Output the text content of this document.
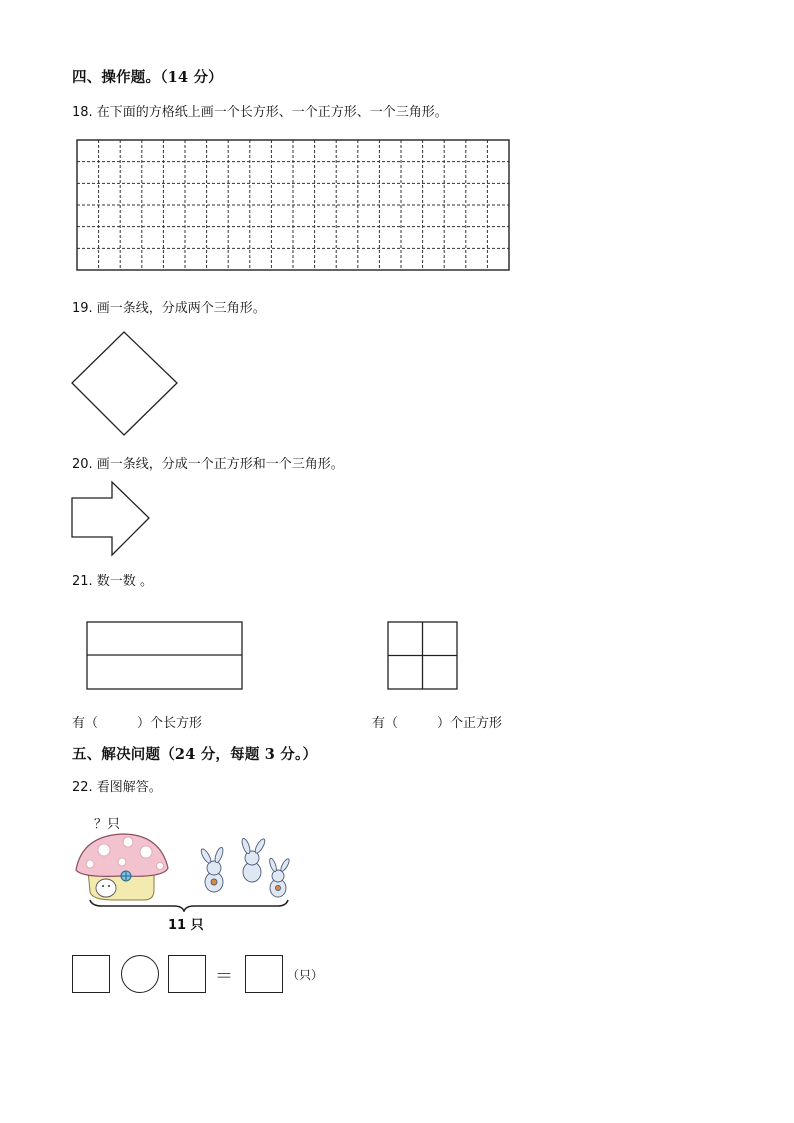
四、操作题。（14 分）
18. 在下面的方格纸上画一个长方形、一个正方形、一个三角形。
19. 画一条线，分成两个三角形。
20. 画一条线，分成一个正方形和一个三角形。
21. 数一数 。
有（　　　）个长方形	有（　　　）个正方形
五、解决问题（24 分，每题 3 分。）
22. 看图解答。
？只
11 只
＝	（只）
